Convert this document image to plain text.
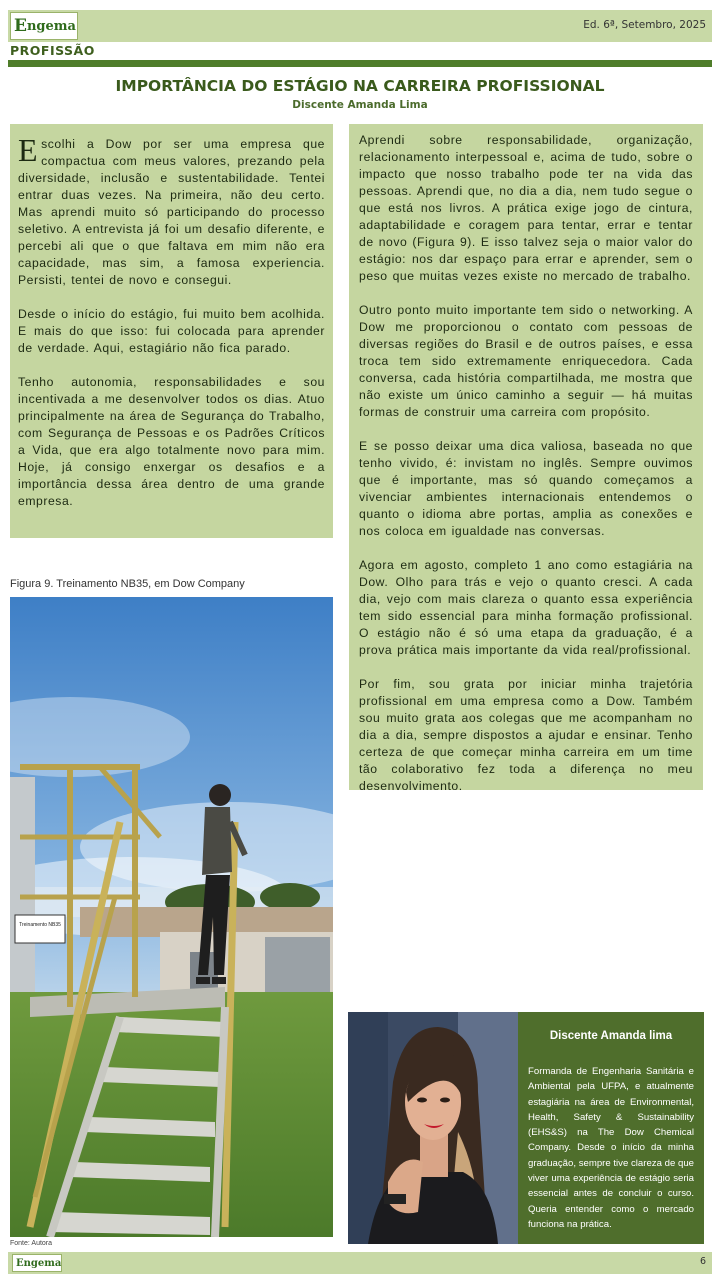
E ngema	Ed. 6ª, Setembro, 2025
PROFISSÃO
IMPORTÂNCIA DO ESTÁGIO NA CARREIRA PROFISSIONAL
Discente Amanda Lima

Escolhi a Dow por ser uma empresa que compactua com meus valores, prezando pela diversidade, inclusão e sustentabilidade. Tentei entrar duas vezes. Na primeira, não deu certo. Mas aprendi muito só participando do processo seletivo. A entrevista já foi um desafio diferente, e percebi ali que o que faltava em mim não era capacidade, mas sim, a famosa experiencia. Persisti, tentei de novo e consegui.

Desde o início do estágio, fui muito bem acolhida. E mais do que isso: fui colocada para aprender de verdade. Aqui, estagiário não fica parado.

Tenho autonomia, responsabilidades e sou incentivada a me desenvolver todos os dias. Atuo principalmente na área de Segurança do Trabalho, com Segurança de Pessoas e os Padrões Críticos a Vida, que era algo totalmente novo para mim. Hoje, já consigo enxergar os desafios e a importância dessa área dentro de uma grande empresa.

Aprendi sobre responsabilidade, organização, relacionamento interpessoal e, acima de tudo, sobre o impacto que nosso trabalho pode ter na vida das pessoas. Aprendi que, no dia a dia, nem tudo segue o que está nos livros. A prática exige jogo de cintura, adaptabilidade e coragem para tentar, errar e tentar de novo (Figura 9). E isso talvez seja o maior valor do estágio: nos dar espaço para errar e aprender, sem o peso que muitas vezes existe no mercado de trabalho.

Outro ponto muito importante tem sido o networking. A Dow me proporcionou o contato com pessoas de diversas regiões do Brasil e de outros países, e essa troca tem sido extremamente enriquecedora. Cada conversa, cada história compartilhada, me mostra que não existe um único caminho a seguir — há muitas formas de construir uma carreira com propósito.

E se posso deixar uma dica valiosa, baseada no que tenho vivido, é: invistam no inglês. Sempre ouvimos que é importante, mas só quando começamos a vivenciar ambientes internacionais entendemos o quanto o idioma abre portas, amplia as conexões e nos coloca em igualdade nas conversas.

Agora em agosto, completo 1 ano como estagiária na Dow. Olho para trás e vejo o quanto cresci. A cada dia, vejo com mais clareza o quanto essa experiência tem sido essencial para minha formação profissional. O estágio não é só uma etapa da graduação, é a prova prática mais importante da vida real/profissional.

Por fim, sou grata por iniciar minha trajetória profissional em uma empresa como a Dow. Também sou muito grata aos colegas que me acompanham no dia a dia, sempre dispostos a ajudar e ensinar. Tenho certeza de que começar minha carreira em um time tão colaborativo fez toda a diferença no meu desenvolvimento.

Figura 9. Treinamento NB35, em Dow Company
Treinamento NB35
Fonte: Autora
Discente Amanda lima
Formanda de Engenharia Sanitária e Ambiental pela UFPA, e atualmente estagiária na área de Environmental, Health, Safety & Sustainability (EHS&S) na The Dow Chemical Company. Desde o início da minha graduação, sempre tive clareza de que viver uma experiência de estágio seria essencial antes de concluir o curso. Queria entender como o mercado funciona na prática.
Engema	6
